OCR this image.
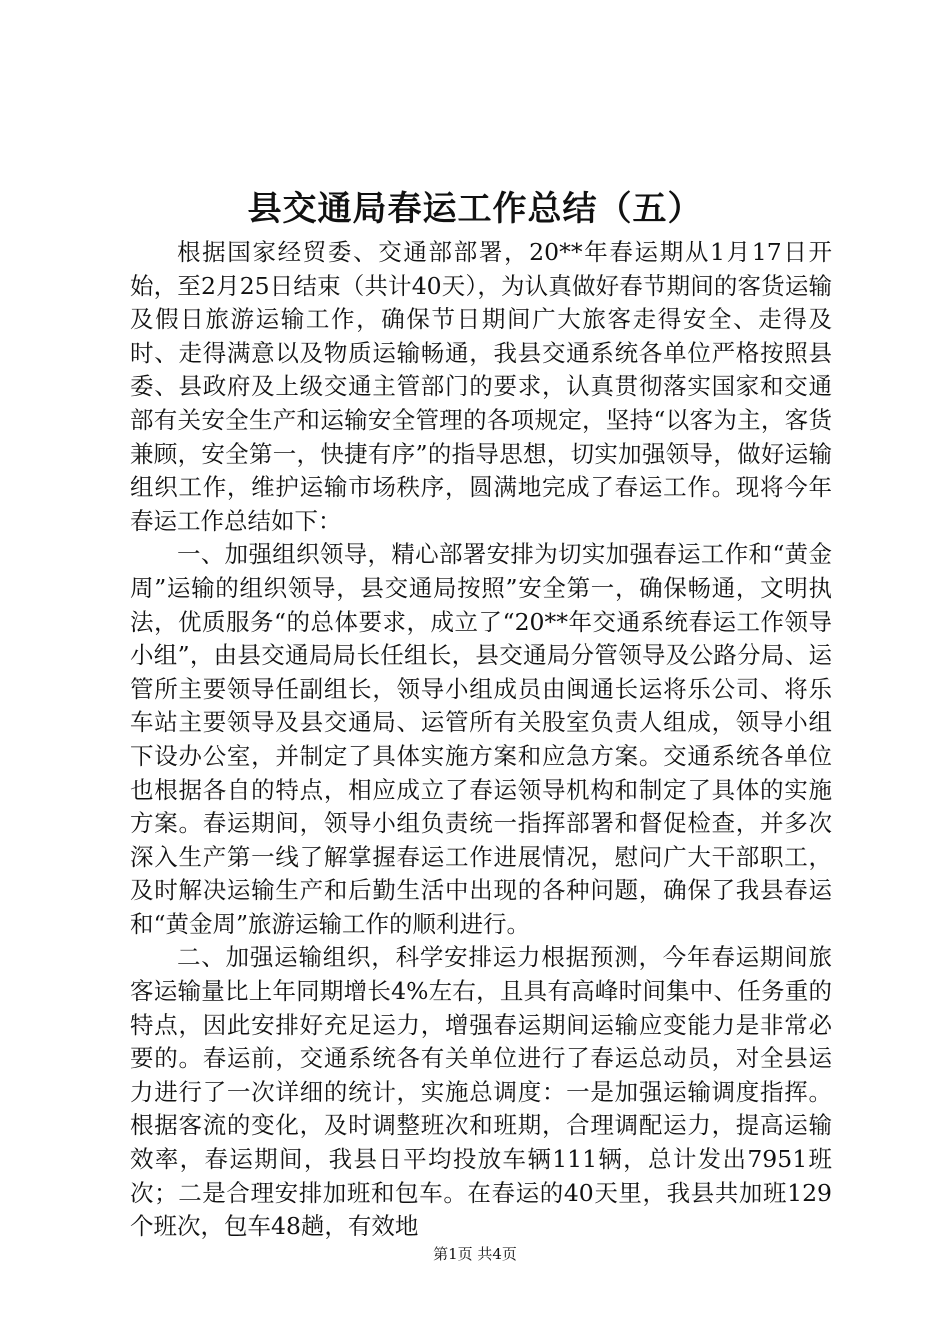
县交通局春运工作总结（五）

根据国家经贸委、交通部部署，20**年春运期从1月17日开始，至2月25日结束（共计40天），为认真做好春节期间的客货运输及假日旅游运输工作，确保节日期间广大旅客走得安全、走得及时、走得满意以及物质运输畅通，我县交通系统各单位严格按照县委、县政府及上级交通主管部门的要求，认真贯彻落实国家和交通部有关安全生产和运输安全管理的各项规定，坚持“以客为主，客货兼顾，安全第一，快捷有序”的指导思想，切实加强领导，做好运输组织工作，维护运输市场秩序，圆满地完成了春运工作。现将今年春运工作总结如下：

一、加强组织领导，精心部署安排为切实加强春运工作和“黄金周”运输的组织领导，县交通局按照”安全第一，确保畅通，文明执法，优质服务“的总体要求，成立了“20**年交通系统春运工作领导小组”，由县交通局局长任组长，县交通局分管领导及公路分局、运管所主要领导任副组长，领导小组成员由闽通长运将乐公司、将乐车站主要领导及县交通局、运管所有关股室负责人组成，领导小组下设办公室，并制定了具体实施方案和应急方案。交通系统各单位也根据各自的特点，相应成立了春运领导机构和制定了具体的实施方案。春运期间，领导小组负责统一指挥部署和督促检查，并多次深入生产第一线了解掌握春运工作进展情况，慰问广大干部职工，及时解决运输生产和后勤生活中出现的各种问题，确保了我县春运和“黄金周”旅游运输工作的顺利进行。

二、加强运输组织，科学安排运力根据预测，今年春运期间旅客运输量比上年同期增长4%左右，且具有高峰时间集中、任务重的特点，因此安排好充足运力，增强春运期间运输应变能力是非常必要的。春运前，交通系统各有关单位进行了春运总动员，对全县运力进行了一次详细的统计，实施总调度：一是加强运输调度指挥。根据客流的变化，及时调整班次和班期，合理调配运力，提高运输效率，春运期间，我县日平均投放车辆111辆，总计发出7951班次；二是合理安排加班和包车。在春运的40天里，我县共加班129个班次，包车48趟，有效地

第1页 共4页
